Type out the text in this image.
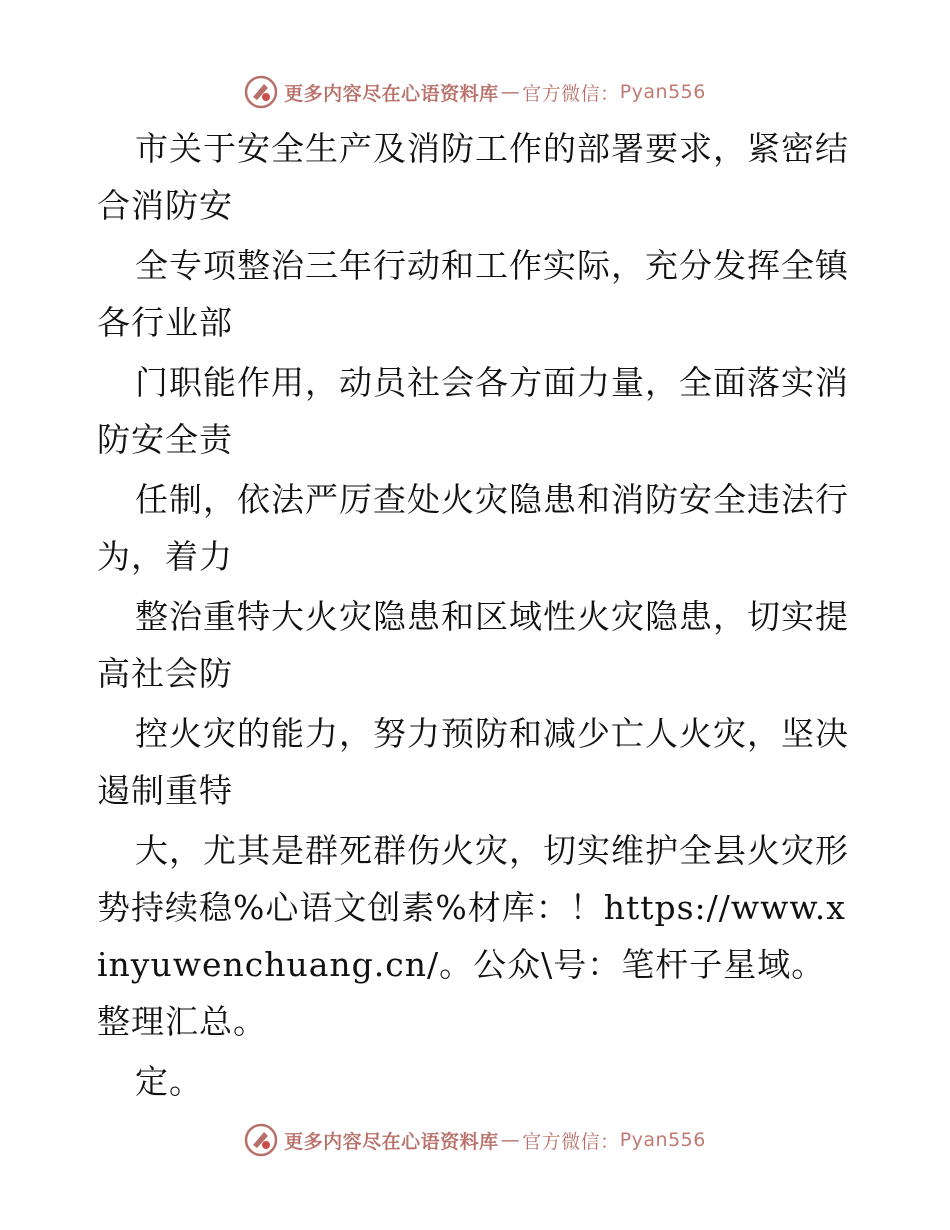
更多内容尽在心语资料库 — 官方微信： Pyan556

市关于安全生产及消防工作的部署要求，紧密结合消防安

全专项整治三年行动和工作实际，充分发挥全镇各行业部

门职能作用，动员社会各方面力量，全面落实消防安全责

任制，依法严厉查处火灾隐患和消防安全违法行为，着力

整治重特大火灾隐患和区域性火灾隐患，切实提高社会防

控火灾的能力，努力预防和减少亡人火灾，坚决遏制重特

大，尤其是群死群伤火灾，切实维护全县火灾形势持续稳%心语文创素%材库：！https://www.xinyuwenchuang.cn/。公众\号：笔杆子星域。整理汇总。

定。

更多内容尽在心语资料库 — 官方微信： Pyan556
